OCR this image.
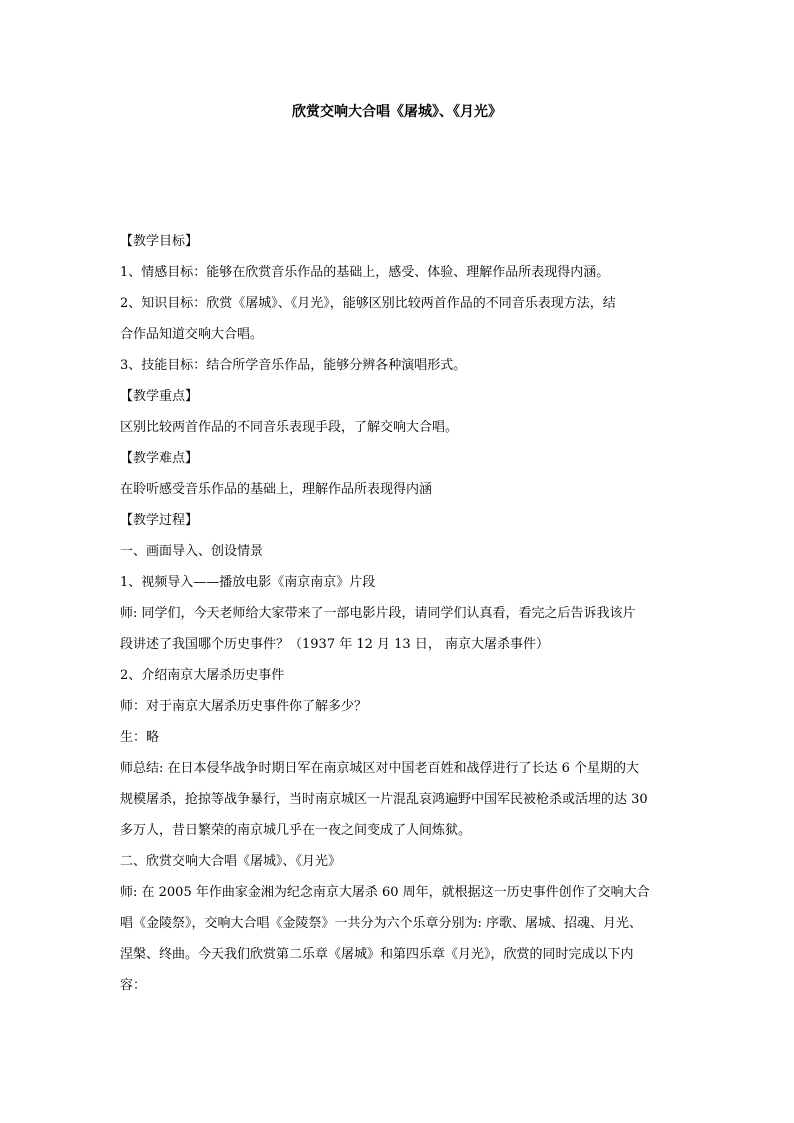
欣赏交响大合唱《屠城》、《月光》

【教学目标】

1、情感目标：能够在欣赏音乐作品的基础上，感受、体验、理解作品所表现得内涵。

2、知识目标：欣赏《屠城》、《月光》，能够区别比较两首作品的不同音乐表现方法，结

合作品知道交响大合唱。

3、技能目标：结合所学音乐作品，能够分辨各种演唱形式。

【教学重点】

区别比较两首作品的不同音乐表现手段，了解交响大合唱。

【教学难点】

在聆听感受音乐作品的基础上，理解作品所表现得内涵

【教学过程】

一、画面导入、创设情景

1、视频导入——播放电影《南京南京》片段

师: 同学们，今天老师给大家带来了一部电影片段，请同学们认真看，看完之后告诉我该片

段讲述了我国哪个历史事件？（1937 年 12 月 13 日， 南京大屠杀事件）

2、介绍南京大屠杀历史事件

师：对于南京大屠杀历史事件你了解多少？

生：略

师总结: 在日本侵华战争时期日军在南京城区对中国老百姓和战俘进行了长达 6 个星期的大

规模屠杀，抢掠等战争暴行，当时南京城区一片混乱哀鸿遍野中国军民被枪杀或活埋的达 30

多万人，昔日繁荣的南京城几乎在一夜之间变成了人间炼狱。

二、欣赏交响大合唱《屠城》、《月光》

师: 在 2005 年作曲家金湘为纪念南京大屠杀 60 周年，就根据这一历史事件创作了交响大合

唱《金陵祭》，交响大合唱《金陵祭》一共分为六个乐章分别为: 序歌、屠城、招魂、月光、

涅槃、终曲。今天我们欣赏第二乐章《屠城》和第四乐章《月光》，欣赏的同时完成以下内

容：
